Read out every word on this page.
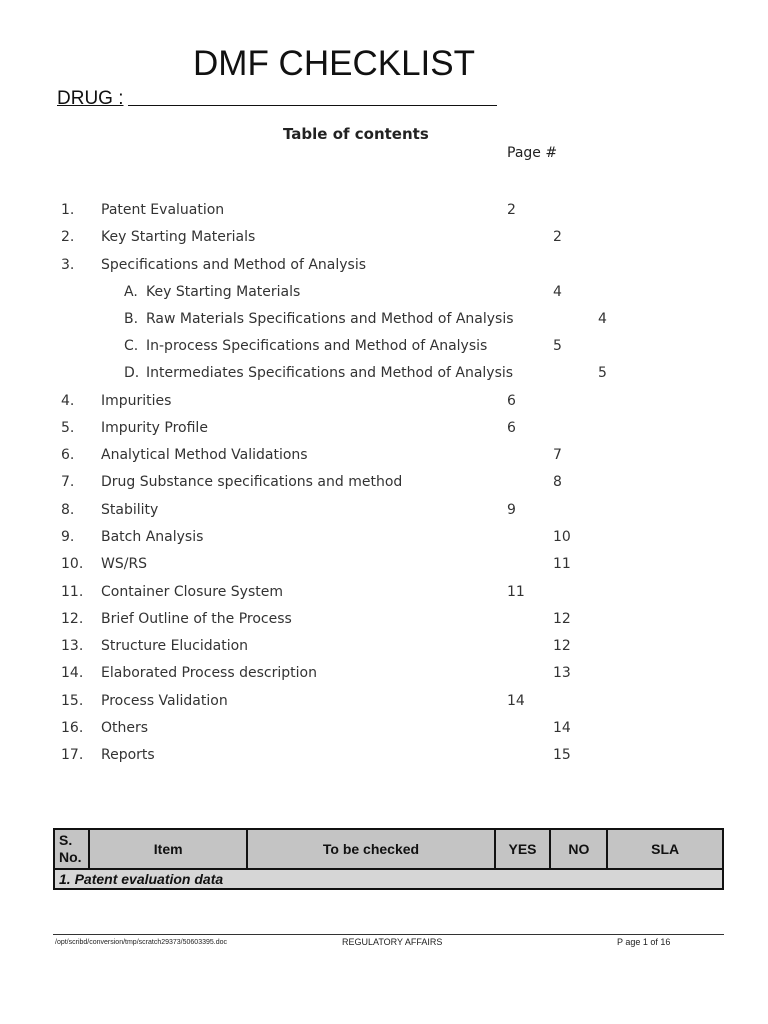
DMF CHECKLIST
DRUG :
Table of contents
Page #
1. Patent Evaluation	2
2. Key Starting Materials	2
3. Specifications and Method of Analysis
A. Key Starting Materials	4
B. Raw Materials Specifications and Method of Analysis	4
C. In-process Specifications and Method of Analysis	5
D. Intermediates Specifications and Method of Analysis	5
4. Impurities	6
5. Impurity Profile	6
6. Analytical Method Validations	7
7. Drug Substance specifications and method	8
8. Stability	9
9. Batch Analysis	10
10. WS/RS	11
11. Container Closure System	11
12. Brief Outline of the Process	12
13. Structure Elucidation	12
14. Elaborated Process description	13
15. Process Validation	14
16. Others	14
17. Reports	15
S.
No.	Item	To be checked	YES	NO	SLA
1. Patent evaluation data
/opt/scribd/conversion/tmp/scratch29373/50603395.doc	REGULATORY AFFAIRS	P age 1 of 16
